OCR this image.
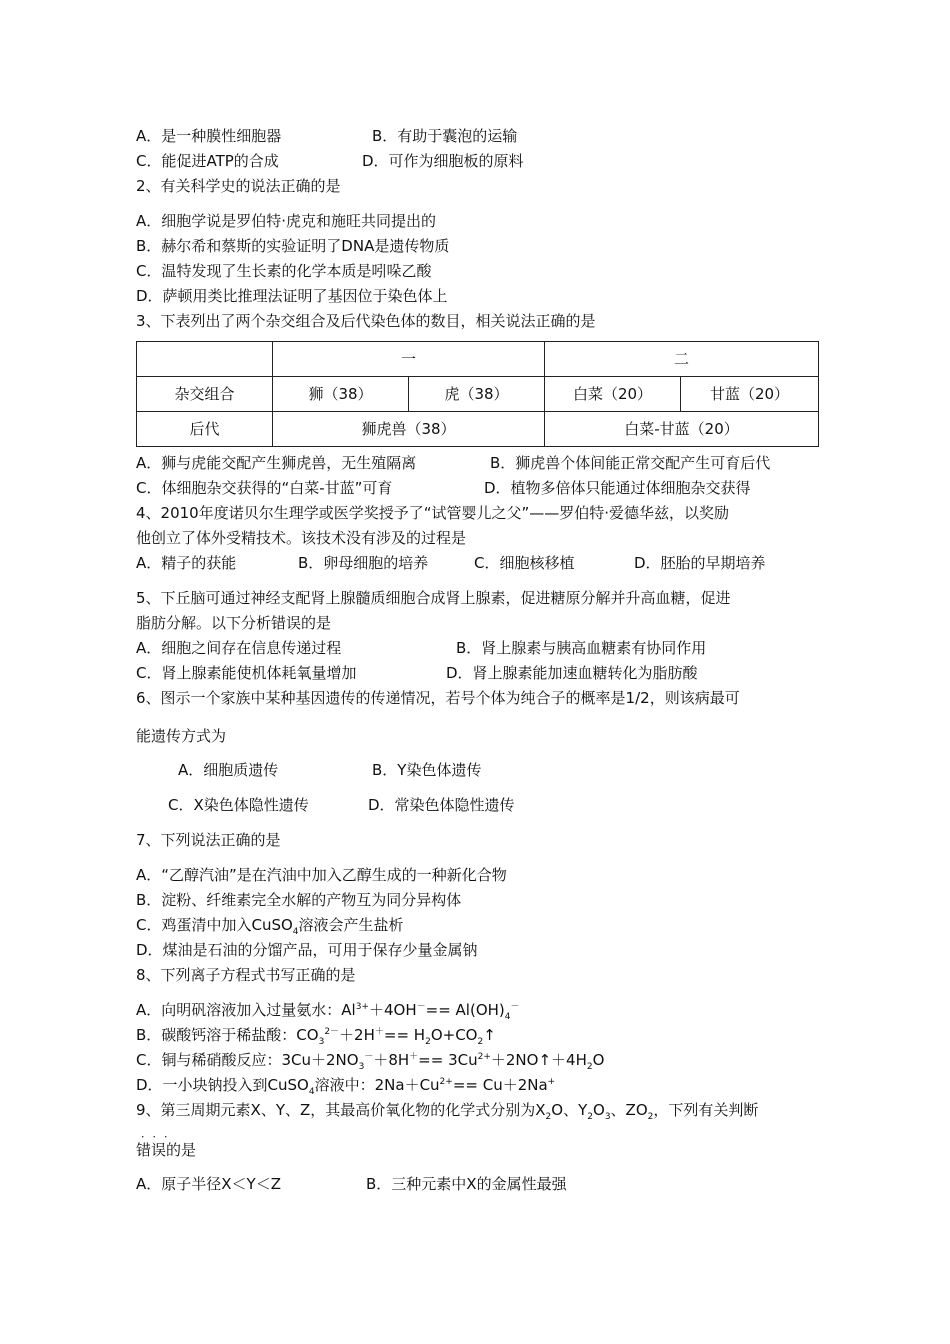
A．是一种膜性细胞器	B．有助于囊泡的运输
C．能促进ATP的合成	D．可作为细胞板的原料
2、有关科学史的说法正确的是
A．细胞学说是罗伯特·虎克和施旺共同提出的
B．赫尔希和蔡斯的实验证明了DNA是遗传物质
C．温特发现了生长素的化学本质是吲哚乙酸
D．萨顿用类比推理法证明了基因位于染色体上
3、下表列出了两个杂交组合及后代染色体的数目，相关说法正确的是
	一		二	
杂交组合	狮（38）	虎（38）	白菜（20）	甘蓝（20）
后代	狮虎兽（38）		白菜-甘蓝（20）	
A．狮与虎能交配产生狮虎兽，无生殖隔离	B．狮虎兽个体间能正常交配产生可育后代
C．体细胞杂交获得的“白菜-甘蓝”可育	D．植物多倍体只能通过体细胞杂交获得
4、2010年度诺贝尔生理学或医学奖授予了“试管婴儿之父”——罗伯特·爱德华兹，以奖励
他创立了体外受精技术。该技术没有涉及的过程是
A．精子的获能	B．卵母细胞的培养	C．细胞核移植	D．胚胎的早期培养
5、下丘脑可通过神经支配肾上腺髓质细胞合成肾上腺素，促进糖原分解并升高血糖，促进
脂肪分解。以下分析错误的是
A．细胞之间存在信息传递过程	B．肾上腺素与胰高血糖素有协同作用
C．肾上腺素能使机体耗氧量增加	D．肾上腺素能加速血糖转化为脂肪酸
6、图示一个家族中某种基因遗传的传递情况，若号个体为纯合子的概率是1/2，则该病最可
能遗传方式为
A．细胞质遗传	B．Y染色体遗传
C．X染色体隐性遗传	D．常染色体隐性遗传
7、下列说法正确的是
A．“乙醇汽油”是在汽油中加入乙醇生成的一种新化合物
B．淀粉、纤维素完全水解的产物互为同分异构体
C．鸡蛋清中加入CuSO$_4$溶液会产生盐析
D．煤油是石油的分馏产品，可用于保存少量金属钠
8、下列离子方程式书写正确的是
A．向明矾溶液加入过量氨水：$Al^{3+}+4OH^-== Al(OH)_4^-$
B．碳酸钙溶于稀盐酸：$CO_3^{2-}+2H^+==$ $H_2O+CO_2↑$
C．铜与稀硝酸反应：$3Cu+2NO_3^-+8H^+==$ $3Cu^{2+}+2NO↑+4H_2O$
D．一小块钠投入到CuSO$_4$溶液中：$2Na+Cu^{2+}== Cu+2Na^+$
9、第三周期元素X、Y、Z，其最高价氧化物的化学式分别为$X_2O$、$Y_2O_3$、$ZO_2$，下列有关判断
．．．
错误的是
A．原子半径X＜Y＜Z	B．三种元素中X的金属性最强
